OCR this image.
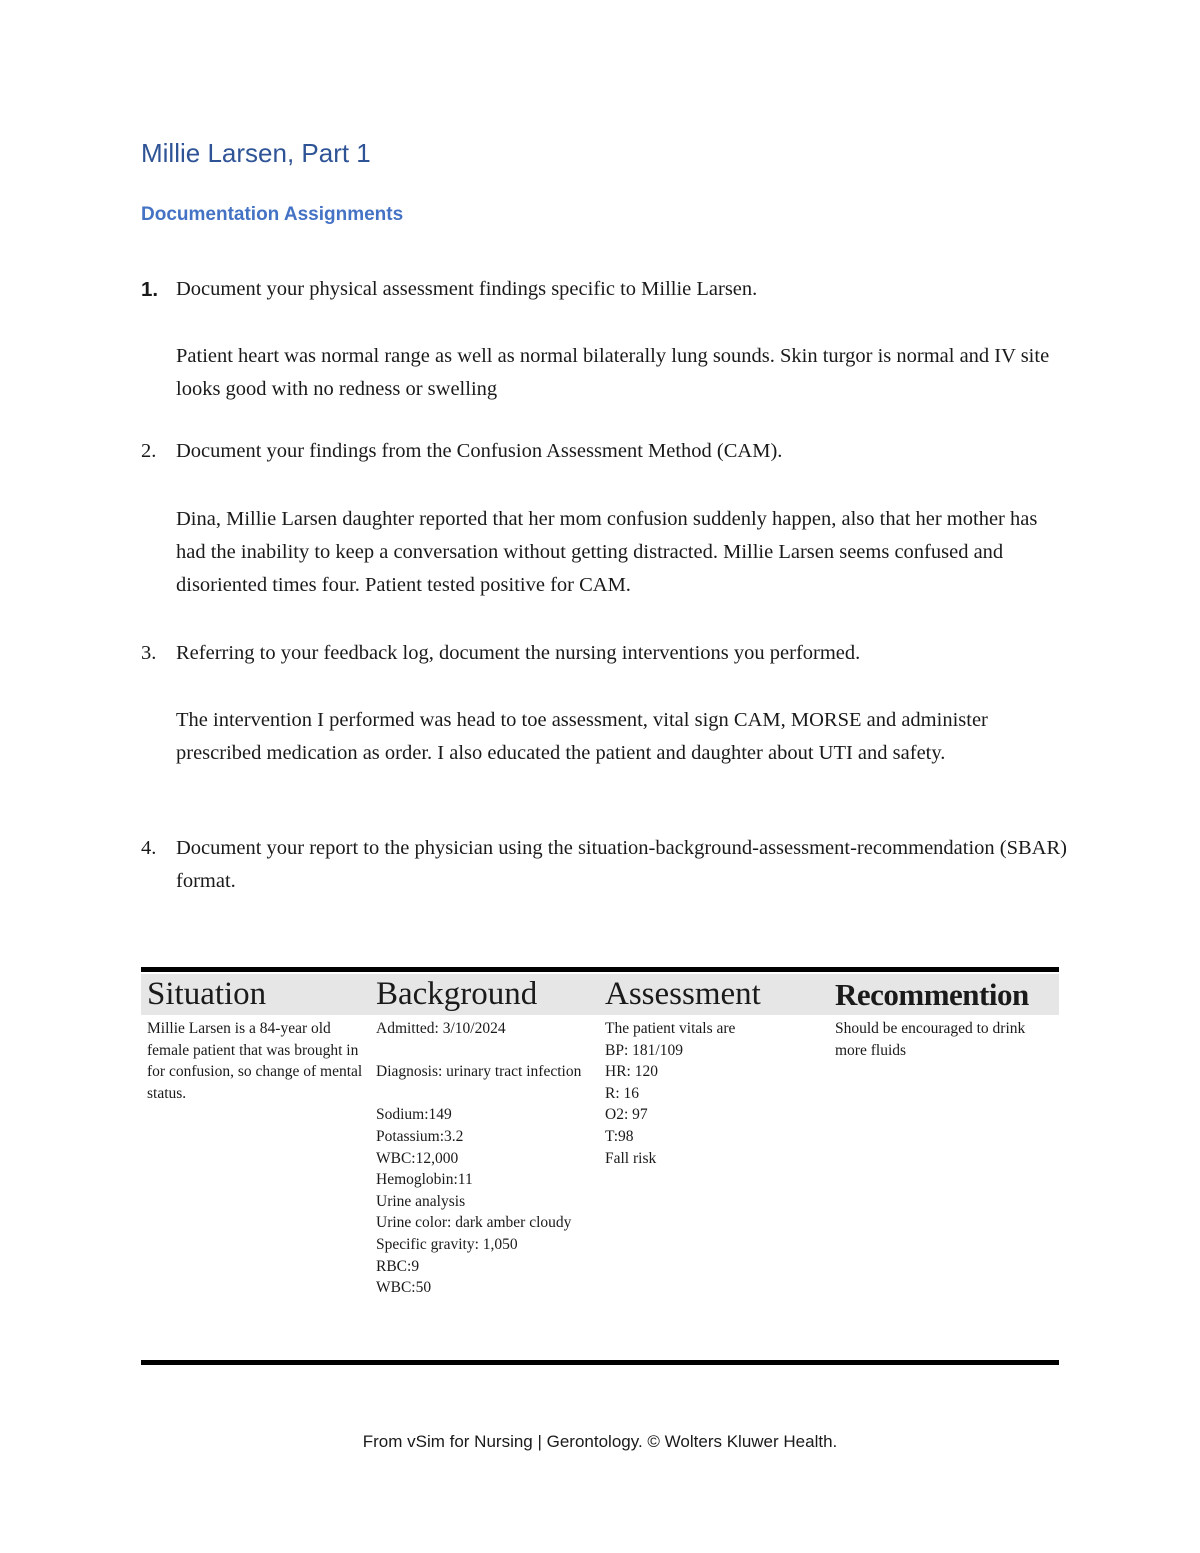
Millie Larsen, Part 1
Documentation Assignments
1. Document your physical assessment findings specific to Millie Larsen.
Patient heart was normal range as well as normal bilaterally lung sounds. Skin turgor is normal and IV site looks good with no redness or swelling
2. Document your findings from the Confusion Assessment Method (CAM).
Dina, Millie Larsen daughter reported that her mom confusion suddenly happen, also that her mother has had the inability to keep a conversation without getting distracted. Millie Larsen seems confused and disoriented times four. Patient tested positive for CAM.
3. Referring to your feedback log, document the nursing interventions you performed.
The intervention I performed was head to toe assessment, vital sign CAM, MORSE and administer prescribed medication as order. I also educated the patient and daughter about UTI and safety.
4. Document your report to the physician using the situation-background-assessment-recommendation (SBAR) format.
Situation	Background Assessment Recommention
Millie Larsen is a 84-year old female patient that was brought in for confusion, so change of mental status.
Admitted: 3/10/2024

Diagnosis: urinary tract infection

Sodium:149
Potassium:3.2
WBC:12,000
Hemoglobin:11
Urine analysis
Urine color: dark amber cloudy
Specific gravity: 1,050
RBC:9
WBC:50
The patient vitals are
BP: 181/109
HR: 120
R: 16
O2: 97
T:98
Fall risk
Should be encouraged to drink more fluids
From vSim for Nursing | Gerontology. © Wolters Kluwer Health.
